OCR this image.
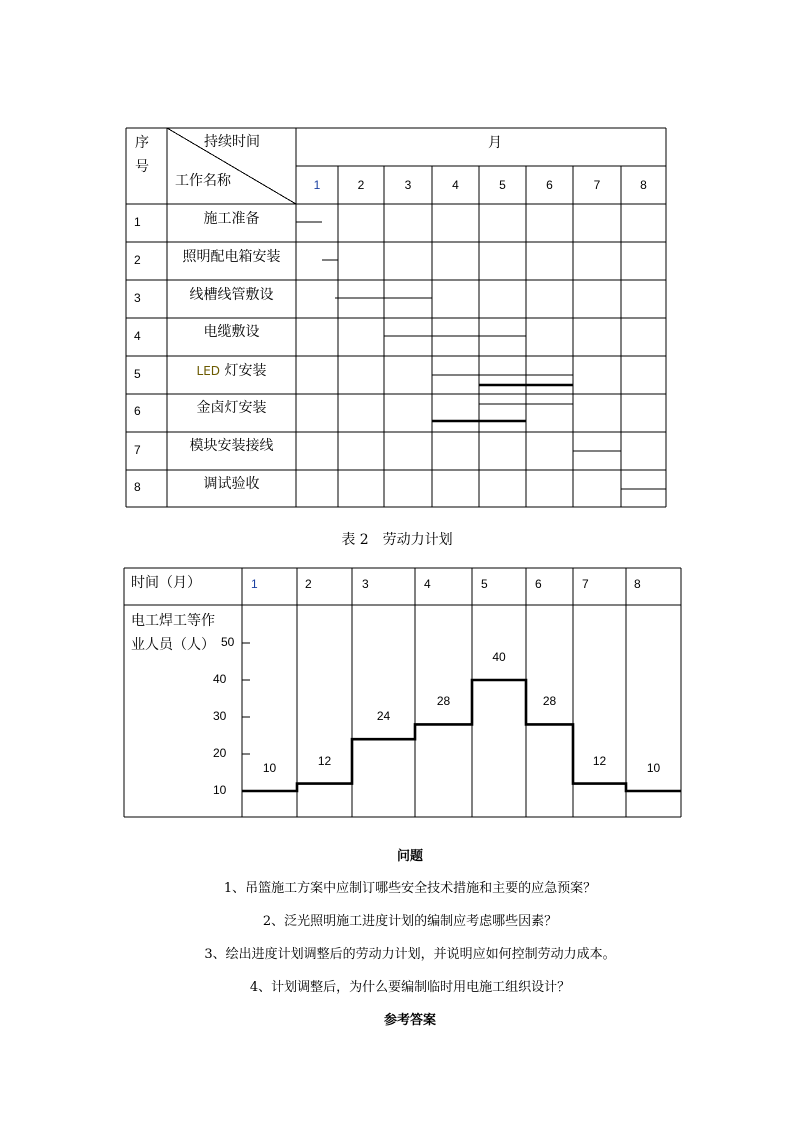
序
号
持续时间
工作名称
月
1	2	3	4	5	6	7	8
1	施工准备
2	照明配电箱安装
3	线槽线管敷设
4	电缆敷设
5	LED 灯安装
6	金卤灯安装
7	模块安装接线
8	调试验收
表 2　劳动力计划
时间（月）	1	2	3	4	5	6	7	8
电工焊工等作
业人员（人） 50
40
30
20
10
10
12
24
28
40
28
12
10
问题
1、吊篮施工方案中应制订哪些安全技术措施和主要的应急预案？
2、泛光照明施工进度计划的编制应考虑哪些因素？
3、绘出进度计划调整后的劳动力计划，并说明应如何控制劳动力成本。
4、计划调整后，为什么要编制临时用电施工组织设计？
参考答案
